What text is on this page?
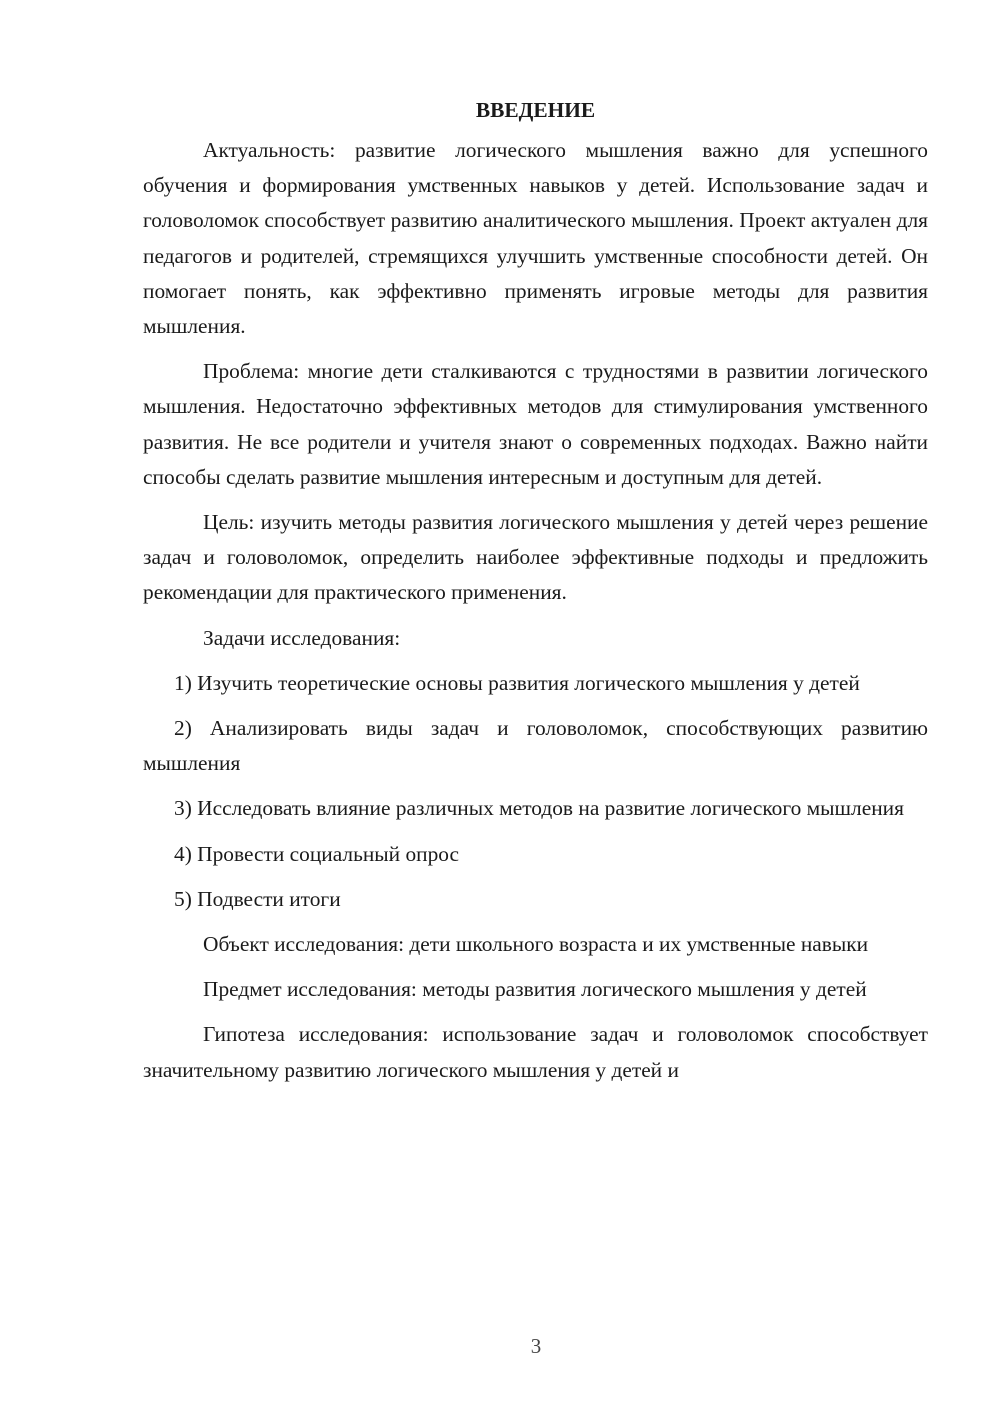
ВВЕДЕНИЕ

Актуальность: развитие логического мышления важно для успешного обучения и формирования умственных навыков у детей. Использование задач и головоломок способствует развитию аналитического мышления. Проект актуален для педагогов и родителей, стремящихся улучшить умственные способности детей. Он помогает понять, как эффективно применять игровые методы для развития мышления.

Проблема: многие дети сталкиваются с трудностями в развитии логического мышления. Недостаточно эффективных методов для стимулирования умственного развития. Не все родители и учителя знают о современных подходах. Важно найти способы сделать развитие мышления интересным и доступным для детей.

Цель: изучить методы развития логического мышления у детей через решение задач и головоломок, определить наиболее эффективные подходы и предложить рекомендации для практического применения.

Задачи исследования:

1) Изучить теоретические основы развития логического мышления у детей

2) Анализировать виды задач и головоломок, способствующих развитию мышления

3) Исследовать влияние различных методов на развитие логического мышления

4) Провести социальный опрос

5) Подвести итоги

Объект исследования: дети школьного возраста и их умственные навыки

Предмет исследования: методы развития логического мышления у детей

Гипотеза исследования: использование задач и головоломок способствует значительному развитию логического мышления у детей и

3
